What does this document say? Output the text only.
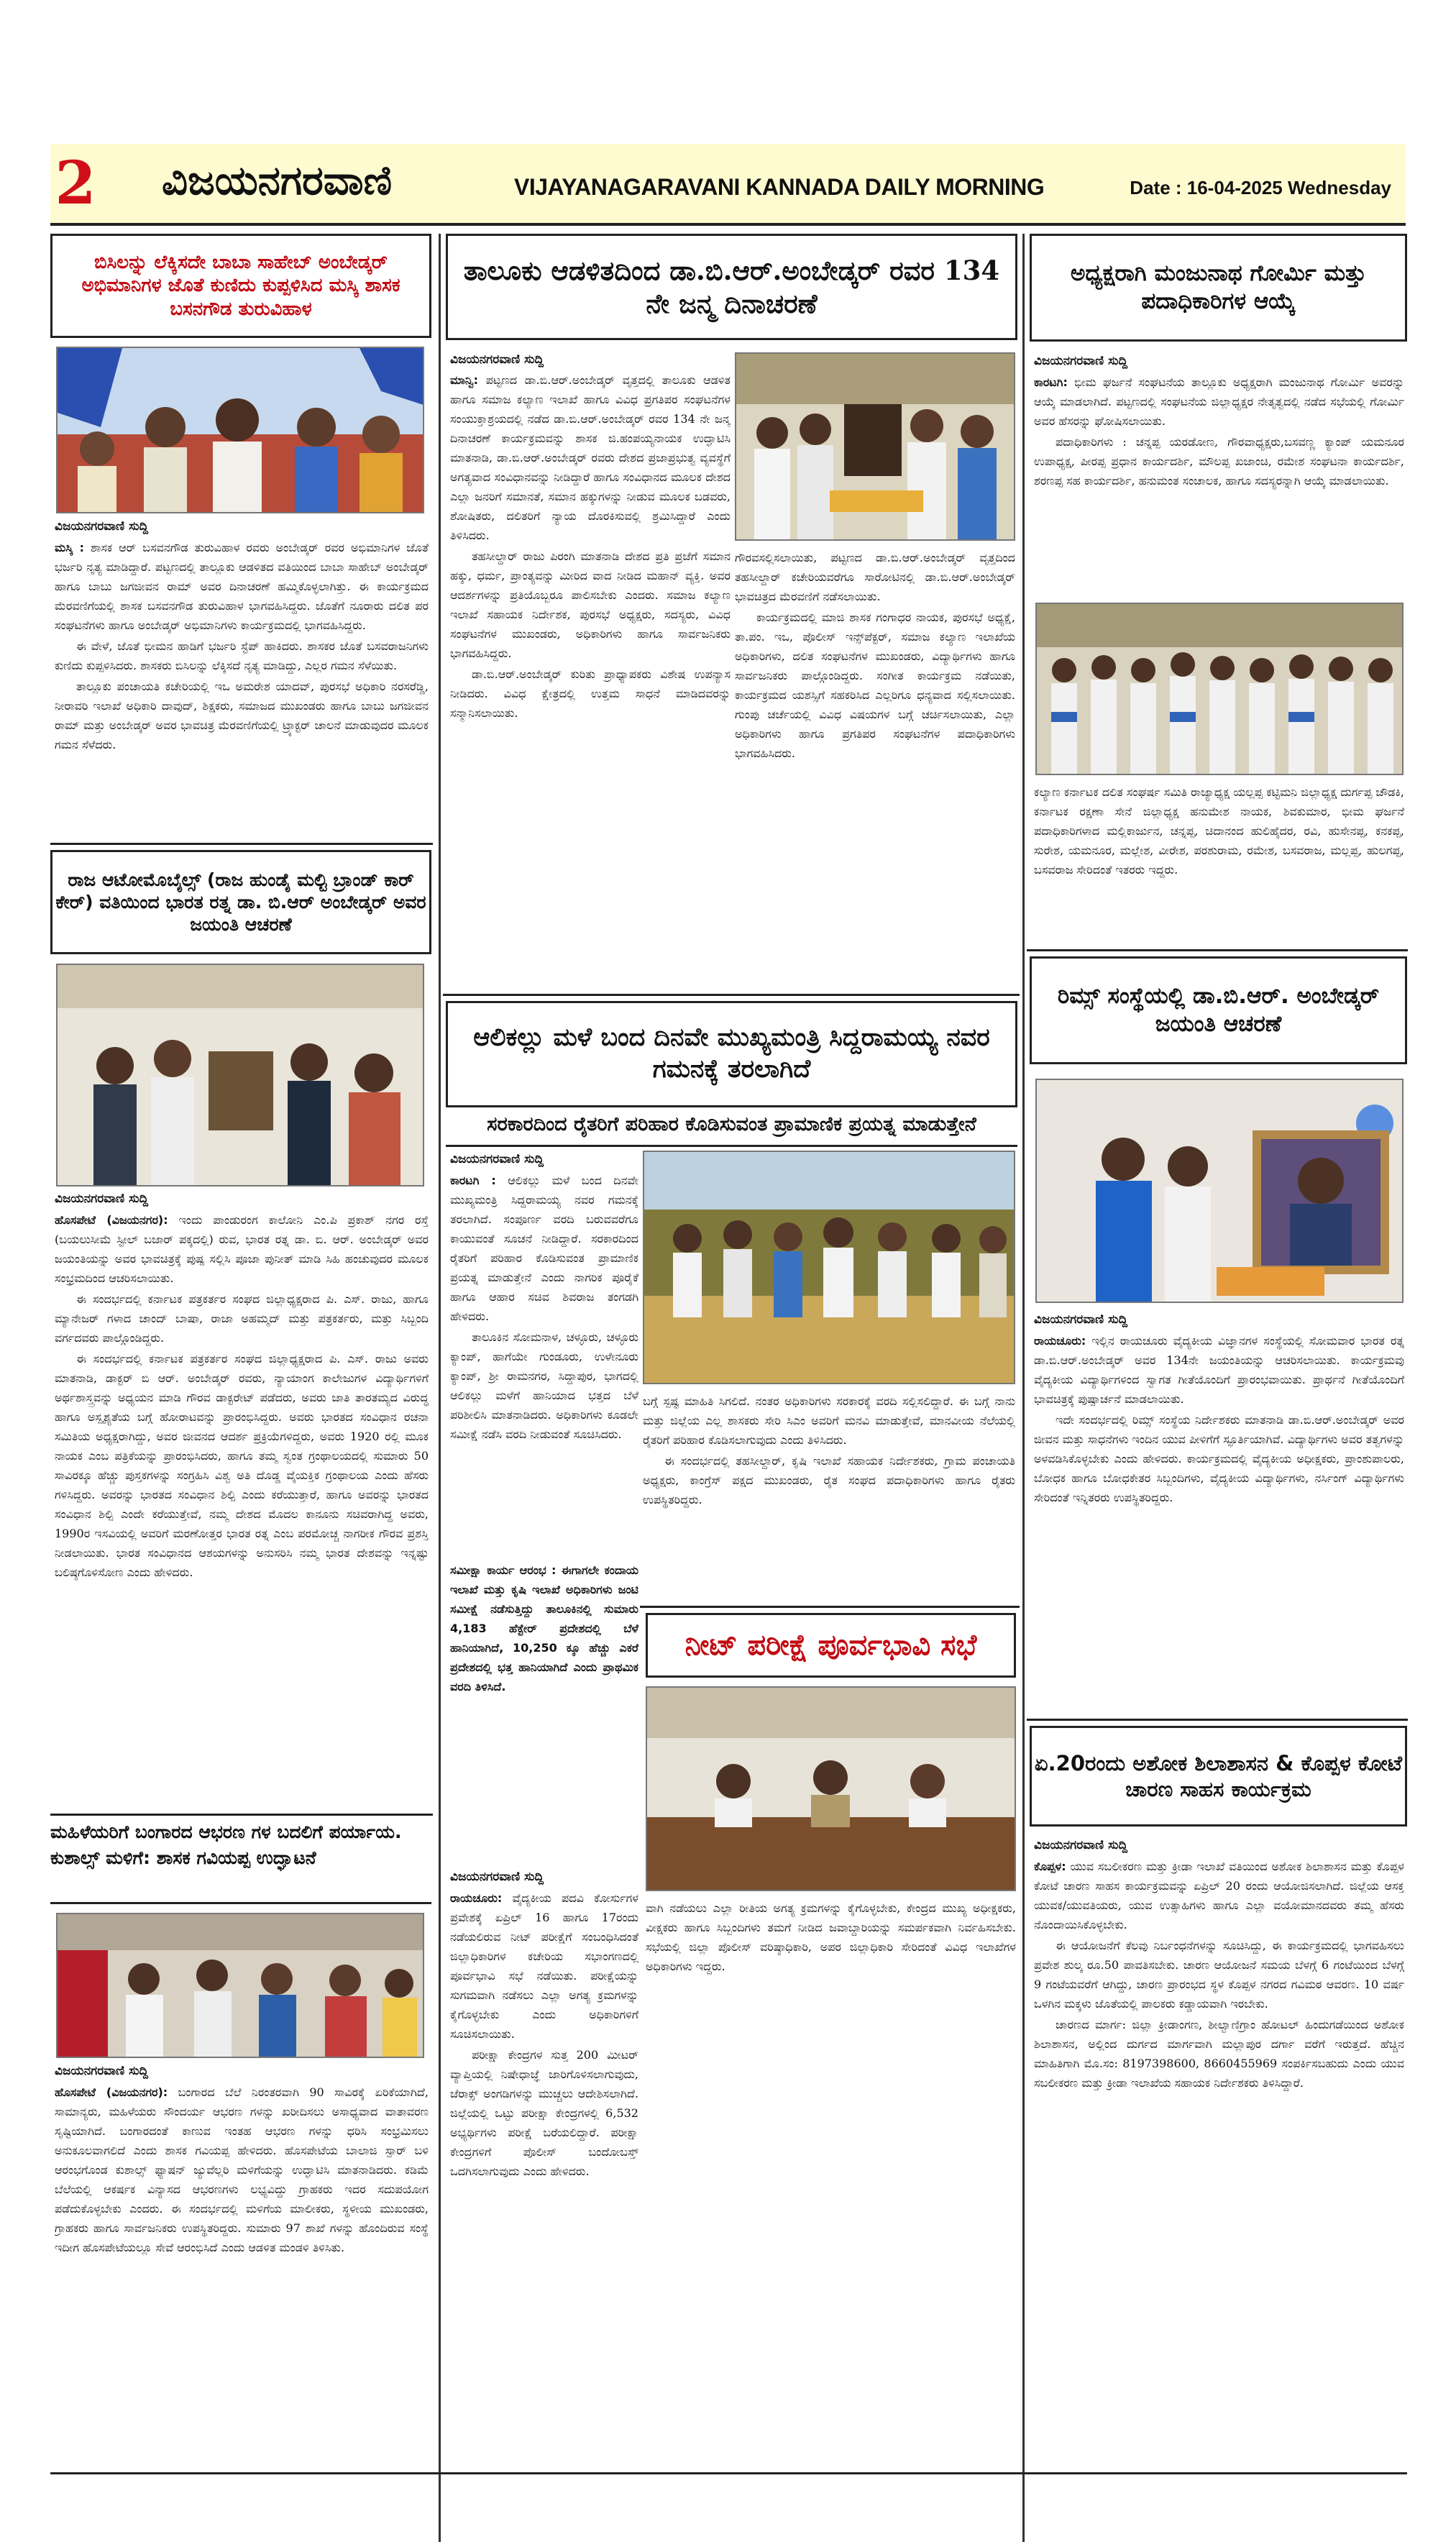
2 ವಿಜಯನಗರವಾಣಿ	VIJAYANAGARAVANI KANNADA DAILY MORNING	Date : 16-04-2025 Wednesday
ಬಿಸಿಲನ್ನು ಲೆಕ್ಕಿಸದೇ ಬಾಬಾ ಸಾಹೇಬ್ ಅಂಬೇಡ್ಕರ್ ಅಭಿಮಾನಿಗಳ ಜೊತೆ ಕುಣಿದು ಕುಪ್ಪಳಿಸಿದ ಮಸ್ಕಿ ಶಾಸಕ ಬಸನಗೌಡ ತುರುವಿಹಾಳ
ವಿಜಯನಗರವಾಣಿ ಸುದ್ದಿ

ಮಸ್ಕಿ : ಶಾಸಕ ಆರ್ ಬಸವನಗೌಡ ತುರುವಿಹಾಳ ರವರು ಅಂಬೇಡ್ಕರ್ ರವರ ಅಭಿಮಾನಿಗಳ ಜೊತೆ ಭರ್ಜರಿ ನೃತ್ಯ ಮಾಡಿದ್ದಾರೆ. ಪಟ್ಟಣದಲ್ಲಿ ತಾಲ್ಲೂಕು ಆಡಳಿತದ ವತಿಯಿಂದ ಬಾಬಾ ಸಾಹೇಬ್ ಅಂಬೇಡ್ಕರ್ ಹಾಗೂ ಬಾಬು ಜಗಜೀವನ ರಾಮ್ ಅವರ ದಿನಾಚರಣೆ ಹಮ್ಮಿಕೊಳ್ಳಲಾಗಿತ್ತು. ಈ ಕಾರ್ಯಕ್ರಮದ ಮೆರವಣಿಗೆಯಲ್ಲಿ ಶಾಸಕ ಬಸವನಗೌಡ ತುರುವಿಹಾಳ ಭಾಗವಹಿಸಿದ್ದರು. ಜೊತೆಗೆ ನೂರಾರು ದಲಿತ ಪರ ಸಂಘಟನೆಗಳು ಹಾಗೂ ಅಂಬೇಡ್ಕರ್ ಅಭಿಮಾನಿಗಳು ಕಾರ್ಯಕ್ರಮದಲ್ಲಿ ಭಾಗವಹಿಸಿದ್ದರು.

ಈ ವೇಳೆ, ಜೊತೆ ಭೀಮನ ಹಾಡಿಗೆ ಭರ್ಜರಿ ಸ್ಟೆಪ್ ಹಾಕಿದರು. ಶಾಸಕರ ಜೊತೆ ಬಸವರಾಜನಿಗಳು ಕುಣಿದು ಕುಪ್ಪಳಿಸಿದರು. ಶಾಸಕರು ಬಿಸಿಲನ್ನು ಲೆಕ್ಕಿಸದೆ ನೃತ್ಯ ಮಾಡಿದ್ದು, ಎಲ್ಲರ ಗಮನ ಸೆಳೆಯಿತು.

ತಾಲ್ಲೂಕು ಪಂಚಾಯತಿ ಕಚೇರಿಯಲ್ಲಿ ಇಒ ಅಮರೇಶ ಯಾದವ್, ಪುರಸಭೆ ಅಧಿಕಾರಿ ನರಸರೆಡ್ಡಿ, ನೀರಾವರಿ ಇಲಾಖೆ ಅಧಿಕಾರಿ ದಾವುದ್, ಶಿಕ್ಷಕರು, ಸಮಾಜದ ಮುಖಂಡರು ಹಾಗೂ ಬಾಬು ಜಗಜೀವನ ರಾಮ್ ಮತ್ತು ಅಂಬೇಡ್ಕರ್ ಅವರ ಭಾವಚಿತ್ರ ಮೆರವಣಿಗೆಯಲ್ಲಿ ಟ್ರ್ಯಾಕ್ಟರ್ ಚಾಲನೆ ಮಾಡುವುದರ ಮೂಲಕ ಗಮನ ಸೆಳೆದರು.

ರಾಜ ಆಟೋಮೊಬೈಲ್ಸ್ (ರಾಜ ಹುಂಡೈ ಮಲ್ಟಿ ಬ್ರಾಂಡ್ ಕಾರ್ ಕೇರ್) ವತಿಯಿಂದ ಭಾರತ ರತ್ನ ಡಾ. ಬಿ.ಆರ್ ಅಂಬೇಡ್ಕರ್ ಅವರ ಜಯಂತಿ ಆಚರಣೆ
ವಿಜಯನಗರವಾಣಿ ಸುದ್ದಿ

ಹೊಸಪೇಟೆ (ವಿಜಯನಗರ): ಇಂದು ಪಾಂಡುರಂಗ ಕಾಲೋನಿ ಎಂ.ಪಿ ಪ್ರಕಾಶ್ ನಗರ ರಸ್ತೆ (ಬಯಲುಸೀಮೆ ಸ್ಟೀಲ್ ಬಜಾರ್ ಪಕ್ಕದಲ್ಲಿ) ರುವ, ಭಾರತ ರತ್ನ ಡಾ. ಬಿ. ಆರ್. ಅಂಬೇಡ್ಕರ್ ಅವರ ಜಯಂತಿಯನ್ನು ಅವರ ಭಾವಚಿತ್ರಕ್ಕೆ ಪುಷ್ಪ ಸಲ್ಲಿಸಿ ಪೂಜಾ ಪುನೀತ್ ಮಾಡಿ ಸಿಹಿ ಹಂಚುವುದರ ಮೂಲಕ ಸಂಭ್ರಮದಿಂದ ಆಚರಿಸಲಾಯಿತು.

ಈ ಸಂದರ್ಭದಲ್ಲಿ ಕರ್ನಾಟಕ ಪತ್ರಕರ್ತರ ಸಂಘದ ಜಿಲ್ಲಾಧ್ಯಕ್ಷರಾದ ಪಿ. ಎಸ್. ರಾಜು, ಹಾಗೂ ಮ್ಯಾನೇಜರ್ ಗಳಾದ ಚಾಂದ್ ಬಾಷಾ, ರಾಜಾ ಅಹಮ್ಮದ್ ಮತ್ತು ಪತ್ರಕರ್ತರು, ಮತ್ತು ಸಿಬ್ಬಂದಿ ವರ್ಗದವರು ಪಾಲ್ಗೊಂಡಿದ್ದರು.

ಈ ಸಂದರ್ಭದಲ್ಲಿ ಕರ್ನಾಟಕ ಪತ್ರಕರ್ತರ ಸಂಘದ ಜಿಲ್ಲಾಧ್ಯಕ್ಷರಾದ ಪಿ. ಎಸ್. ರಾಜು ಅವರು ಮಾತನಾಡಿ, ಡಾಕ್ಟರ್ ಬಿ ಆರ್. ಅಂಬೇಡ್ಕರ್ ರವರು, ನ್ಯಾಯಾಂಗ ಕಾಲೇಜುಗಳ ವಿದ್ಯಾರ್ಥಿಗಳಿಗೆ ಅರ್ಥಶಾಸ್ತ್ರವನ್ನು ಅಧ್ಯಯನ ಮಾಡಿ ಗೌರವ ಡಾಕ್ಟರೇಟ್ ಪಡೆದರು, ಅವರು ಜಾತಿ ತಾರತಮ್ಯದ ವಿರುದ್ಧ ಹಾಗೂ ಅಸ್ಪೃಶ್ಯತೆಯ ಬಗ್ಗೆ ಹೋರಾಟವನ್ನು ಪ್ರಾರಂಭಿಸಿದ್ದರು. ಅವರು ಭಾರತದ ಸಂವಿಧಾನ ರಚನಾ ಸಮಿತಿಯ ಅಧ್ಯಕ್ಷರಾಗಿದ್ದು, ಅವರ ಜೀವನದ ಆದರ್ಶ ಪ್ರಕ್ರಿಯೆಗಳಿದ್ದರು, ಅವರು 1920 ರಲ್ಲಿ ಮೂಕ ನಾಯಕ ಎಂಬ ಪತ್ರಿಕೆಯನ್ನು ಪ್ರಾರಂಭಿಸಿದರು, ಹಾಗೂ ತಮ್ಮ ಸ್ವಂತ ಗ್ರಂಥಾಲಯದಲ್ಲಿ ಸುಮಾರು 50 ಸಾವಿರಕ್ಕೂ ಹೆಚ್ಚು ಪುಸ್ತಕಗಳನ್ನು ಸಂಗ್ರಹಿಸಿ ವಿಶ್ವ ಅತಿ ದೊಡ್ಡ ವೈಯಕ್ತಿಕ ಗ್ರಂಥಾಲಯ ಎಂದು ಹೆಸರು ಗಳಿಸಿದ್ದರು. ಅವರನ್ನು ಭಾರತದ ಸಂವಿಧಾನ ಶಿಲ್ಪಿ ಎಂದು ಕರೆಯುತ್ತಾರೆ, ಹಾಗೂ ಅವರನ್ನು ಭಾರತದ ಸಂವಿಧಾನ ಶಿಲ್ಪಿ ಎಂದೇ ಕರೆಯುತ್ತೇವೆ, ನಮ್ಮ ದೇಶದ ಮೊದಲ ಕಾನೂನು ಸಚಿವರಾಗಿದ್ದ ಅವರು, 1990ರ ಇಸವಿಯಲ್ಲಿ ಅವರಿಗೆ ಮರಣೋತ್ತರ ಭಾರತ ರತ್ನ ಎಂಬ ಪರಮೋಚ್ಚ ನಾಗರೀಕ ಗೌರವ ಪ್ರಶಸ್ತಿ ನೀಡಲಾಯಿತು. ಭಾರತ ಸಂವಿಧಾನದ ಆಶಯಗಳನ್ನು ಅನುಸರಿಸಿ ನಮ್ಮ ಭಾರತ ದೇಶವನ್ನು ಇನ್ನಷ್ಟು ಬಲಿಷ್ಠಗೊಳಿಸೋಣ ಎಂದು ಹೇಳಿದರು.

ಮಹಿಳೆಯರಿಗೆ ಬಂಗಾರದ ಆಭರಣ ಗಳ ಬದಲಿಗೆ ಪರ್ಯಾಯ. ಕುಶಾಲ್ಸ್ ಮಳಿಗೆ: ಶಾಸಕ ಗವಿಯಪ್ಪ ಉದ್ಘಾಟನೆ
ವಿಜಯನಗರವಾಣಿ ಸುದ್ದಿ

ಹೊಸಪೇಟೆ (ವಿಜಯನಗರ): ಬಂಗಾರದ ಬೆಲೆ ನಿರಂತರವಾಗಿ 90 ಸಾವಿರಕ್ಕೆ ಏರಿಕೆಯಾಗಿದೆ, ಸಾಮಾನ್ಯರು, ಮಹಿಳೆಯರು ಸೌಂದರ್ಯ ಆಭರಣ ಗಳನ್ನು ಖರೀದಿಸಲು ಅಸಾಧ್ಯವಾದ ವಾತಾವರಣ ಸೃಷ್ಟಿಯಾಗಿದೆ. ಬಂಗಾರದಂತೆ ಕಾಣುವ ಇಂತಹ ಆಭರಣ ಗಳನ್ನು ಧರಿಸಿ ಸಂಭ್ರಮಿಸಲು ಅನುಕೂಲವಾಗಲಿದೆ ಎಂದು ಶಾಸಕ ಗವಿಯಪ್ಪ ಹೇಳಿದರು. ಹೊಸಪೇಟೆಯ ಬಾಲಾಜಿ ಸ್ಪಾರ್ ಬಳಿ ಆರಂಭಗೊಂಡ ಕುಶಾಲ್ಸ್ ಫ್ಯಾಷನ್ ಜ್ಯುವೆಲ್ಲರಿ ಮಳಿಗೆಯನ್ನು ಉದ್ಘಾಟಿಸಿ ಮಾತನಾಡಿದರು. ಕಡಿಮೆ ಬೆಲೆಯಲ್ಲಿ ಆಕರ್ಷಕ ವಿನ್ಯಾಸದ ಆಭರಣಗಳು ಲಭ್ಯವಿದ್ದು ಗ್ರಾಹಕರು ಇದರ ಸದುಪಯೋಗ ಪಡೆದುಕೊಳ್ಳಬೇಕು ಎಂದರು. ಈ ಸಂದರ್ಭದಲ್ಲಿ ಮಳಿಗೆಯ ಮಾಲೀಕರು, ಸ್ಥಳೀಯ ಮುಖಂಡರು, ಗ್ರಾಹಕರು ಹಾಗೂ ಸಾರ್ವಜನಿಕರು ಉಪಸ್ಥಿತರಿದ್ದರು. ಸುಮಾರು 97 ಶಾಖೆ ಗಳನ್ನು ಹೊಂದಿರುವ ಸಂಸ್ಥೆ ಇದೀಗ ಹೊಸಪೇಟೆಯಲ್ಲೂ ಸೇವೆ ಆರಂಭಿಸಿದೆ ಎಂದು ಆಡಳಿತ ಮಂಡಳಿ ತಿಳಿಸಿತು.

ತಾಲೂಕು ಆಡಳಿತದಿಂದ ಡಾ.ಬಿ.ಆರ್.ಅಂಬೇಡ್ಕರ್ ರವರ 134 ನೇ ಜನ್ಮ ದಿನಾಚರಣೆ
ವಿಜಯನಗರವಾಣಿ ಸುದ್ದಿ

ಮಾನ್ವಿ: ಪಟ್ಟಣದ ಡಾ.ಬಿ.ಆರ್.ಅಂಬೇಡ್ಕರ್ ವೃತ್ತದಲ್ಲಿ ತಾಲೂಕು ಆಡಳಿತ ಹಾಗೂ ಸಮಾಜ ಕಲ್ಯಾಣ ಇಲಾಖೆ ಹಾಗೂ ವಿವಿಧ ಪ್ರಗತಿಪರ ಸಂಘಟನೆಗಳ ಸಂಯುಕ್ತಾಶ್ರಯದಲ್ಲಿ ನಡೆದ ಡಾ.ಬಿ.ಆರ್.ಅಂಬೇಡ್ಕರ್ ರವರ 134 ನೇ ಜನ್ಮ ದಿನಾಚರಣೆ ಕಾರ್ಯಕ್ರಮವನ್ನು ಶಾಸಕ ಜಿ.ಹಂಪಯ್ಯನಾಯಕ ಉದ್ಘಾಟಿಸಿ ಮಾತನಾಡಿ, ಡಾ.ಬಿ.ಆರ್.ಅಂಬೇಡ್ಕರ್ ರವರು ದೇಶದ ಪ್ರಜಾಪ್ರಭುತ್ವ ವ್ಯವಸ್ಥೆಗೆ ಅಗತ್ಯವಾದ ಸಂವಿಧಾನವನ್ನು ನೀಡಿದ್ದಾರೆ ಹಾಗೂ ಸಂವಿಧಾನದ ಮೂಲಕ ದೇಶದ ಎಲ್ಲಾ ಜನರಿಗೆ ಸಮಾನತೆ, ಸಮಾನ ಹಕ್ಕುಗಳನ್ನು ನೀಡುವ ಮೂಲಕ ಬಡವರು, ಶೋಷಿತರು, ದಲಿತರಿಗೆ ನ್ಯಾಯ ದೊರಕಿಸುವಲ್ಲಿ ಶ್ರಮಿಸಿದ್ದಾರೆ ಎಂದು ತಿಳಿಸಿದರು.

ತಹಸೀಲ್ದಾರ್ ರಾಜು ಪಿರಂಗಿ ಮಾತನಾಡಿ ದೇಶದ ಪ್ರತಿ ಪ್ರಜೆಗೆ ಸಮಾನ ಹಕ್ಕು, ಧರ್ಮ, ಪ್ರಾಂತ್ಯವನ್ನು ಮೀರಿದ ವಾದ ನೀಡಿದ ಮಹಾನ್ ವ್ಯಕ್ತಿ. ಅವರ ಆದರ್ಶಗಳನ್ನು ಪ್ರತಿಯೊಬ್ಬರೂ ಪಾಲಿಸಬೇಕು ಎಂದರು. ಸಮಾಜ ಕಲ್ಯಾಣ ಇಲಾಖೆ ಸಹಾಯಕ ನಿರ್ದೇಶಕ, ಪುರಸಭೆ ಅಧ್ಯಕ್ಷರು, ಸದಸ್ಯರು, ವಿವಿಧ ಸಂಘಟನೆಗಳ ಮುಖಂಡರು, ಅಧಿಕಾರಿಗಳು ಹಾಗೂ ಸಾರ್ವಜನಿಕರು ಭಾಗವಹಿಸಿದ್ದರು.

ಡಾ.ಬಿ.ಆರ್.ಅಂಬೇಡ್ಕರ್ ಕುರಿತು ಪ್ರಾಧ್ಯಾಪಕರು ವಿಶೇಷ ಉಪನ್ಯಾಸ ನೀಡಿದರು. ವಿವಿಧ ಕ್ಷೇತ್ರದಲ್ಲಿ ಉತ್ತಮ ಸಾಧನೆ ಮಾಡಿದವರನ್ನು ಸನ್ಮಾನಿಸಲಾಯಿತು.

ಗೌರವಸಲ್ಲಿಸಲಾಯಿತು, ಪಟ್ಟಣದ ಡಾ.ಬಿ.ಆರ್.ಅಂಬೇಡ್ಕರ್ ವೃತ್ತದಿಂದ ತಹಸೀಲ್ದಾರ್ ಕಚೇರಿಯವರೆಗೂ ಸಾರೋಟಿನಲ್ಲಿ ಡಾ.ಬಿ.ಆರ್.ಅಂಬೇಡ್ಕರ್ ಭಾವಚಿತ್ರದ ಮೆರವಣಿಗೆ ನಡೆಸಲಾಯಿತು.

ಕಾರ್ಯಕ್ರಮದಲ್ಲಿ ಮಾಜಿ ಶಾಸಕ ಗಂಗಾಧರ ನಾಯಕ, ಪುರಸಭೆ ಅಧ್ಯಕ್ಷೆ, ತಾ.ಪಂ. ಇಒ, ಪೊಲೀಸ್ ಇನ್ಸ್‌ಪೆಕ್ಟರ್, ಸಮಾಜ ಕಲ್ಯಾಣ ಇಲಾಖೆಯ ಅಧಿಕಾರಿಗಳು, ದಲಿತ ಸಂಘಟನೆಗಳ ಮುಖಂಡರು, ವಿದ್ಯಾರ್ಥಿಗಳು ಹಾಗೂ ಸಾರ್ವಜನಿಕರು ಪಾಲ್ಗೊಂಡಿದ್ದರು. ಸಂಗೀತ ಕಾರ್ಯಕ್ರಮ ನಡೆಯಿತು, ಕಾರ್ಯಕ್ರಮದ ಯಶಸ್ಸಿಗೆ ಸಹಕರಿಸಿದ ಎಲ್ಲರಿಗೂ ಧನ್ಯವಾದ ಸಲ್ಲಿಸಲಾಯಿತು. ಗುಂಪು ಚರ್ಚೆಯಲ್ಲಿ ವಿವಿಧ ವಿಷಯಗಳ ಬಗ್ಗೆ ಚರ್ಚಿಸಲಾಯಿತು, ಎಲ್ಲಾ ಅಧಿಕಾರಿಗಳು ಹಾಗೂ ಪ್ರಗತಿಪರ ಸಂಘಟನೆಗಳ ಪದಾಧಿಕಾರಿಗಳು ಭಾಗವಹಿಸಿದರು.

ಆಲಿಕಲ್ಲು ಮಳೆ ಬಂದ ದಿನವೇ ಮುಖ್ಯಮಂತ್ರಿ ಸಿದ್ದರಾಮಯ್ಯ ನವರ ಗಮನಕ್ಕೆ ತರಲಾಗಿದೆ
ಸರಕಾರದಿಂದ ರೈತರಿಗೆ ಪರಿಹಾರ ಕೊಡಿಸುವಂತ ಪ್ರಾಮಾಣಿಕ ಪ್ರಯತ್ನ ಮಾಡುತ್ತೇನೆ
ವಿಜಯನಗರವಾಣಿ ಸುದ್ದಿ

ಕಾರಟಗಿ : ಆಲಿಕಲ್ಲು ಮಳೆ ಬಂದ ದಿನವೇ ಮುಖ್ಯಮಂತ್ರಿ ಸಿದ್ದರಾಮಯ್ಯ ನವರ ಗಮನಕ್ಕೆ ತರಲಾಗಿದೆ. ಸಂಪೂರ್ಣ ವರದಿ ಬರುವವರೆಗೂ ಕಾಯುವಂತೆ ಸೂಚನೆ ನೀಡಿದ್ದಾರೆ. ಸರಕಾರದಿಂದ ರೈತರಿಗೆ ಪರಿಹಾರ ಕೊಡಿಸುವಂತ ಪ್ರಾಮಾಣಿಕ ಪ್ರಯತ್ನ ಮಾಡುತ್ತೇನೆ ಎಂದು ನಾಗರಿಕ ಪೂರೈಕೆ ಹಾಗೂ ಆಹಾರ ಸಚಿವ ಶಿವರಾಜ ತಂಗಡಗಿ ಹೇಳಿದರು.

ತಾಲೂಕಿನ ಸೋಮನಾಳ, ಚಳ್ಳೂರು, ಚಳ್ಳೂರು ಕ್ಯಾಂಪ್, ಹಾಗೆಯೇ ಗುಂಡೂರು, ಉಳೇನೂರು ಕ್ಯಾಂಪ್, ಶ್ರೀ ರಾಮನಗರ, ಸಿದ್ದಾಪುರ, ಭಾಗದಲ್ಲಿ ಆಲಿಕಲ್ಲು ಮಳೆಗೆ ಹಾನಿಯಾದ ಭತ್ತದ ಬೆಳೆ ಪರಿಶೀಲಿಸಿ ಮಾತನಾಡಿದರು. ಅಧಿಕಾರಿಗಳು ಕೂಡಲೇ ಸಮೀಕ್ಷೆ ನಡೆಸಿ ವರದಿ ನೀಡುವಂತೆ ಸೂಚಿಸಿದರು.

ಬಗ್ಗೆ ಸ್ಪಷ್ಟ ಮಾಹಿತಿ ಸಿಗಲಿದೆ. ನಂತರ ಅಧಿಕಾರಿಗಳು ಸರಕಾರಕ್ಕೆ ವರದಿ ಸಲ್ಲಿಸಲಿದ್ದಾರೆ. ಈ ಬಗ್ಗೆ ನಾನು ಮತ್ತು ಜಿಲ್ಲೆಯ ಎಲ್ಲ ಶಾಸಕರು ಸೇರಿ ಸಿಎಂ ಅವರಿಗೆ ಮನವಿ ಮಾಡುತ್ತೇವೆ, ಮಾನವೀಯ ನೆಲೆಯಲ್ಲಿ ರೈತರಿಗೆ ಪರಿಹಾರ ಕೊಡಿಸಲಾಗುವುದು ಎಂದು ತಿಳಿಸಿದರು.

ಈ ಸಂದರ್ಭದಲ್ಲಿ ತಹಸೀಲ್ದಾರ್, ಕೃಷಿ ಇಲಾಖೆ ಸಹಾಯಕ ನಿರ್ದೇಶಕರು, ಗ್ರಾಮ ಪಂಚಾಯತಿ ಅಧ್ಯಕ್ಷರು, ಕಾಂಗ್ರೆಸ್ ಪಕ್ಷದ ಮುಖಂಡರು, ರೈತ ಸಂಘದ ಪದಾಧಿಕಾರಿಗಳು ಹಾಗೂ ರೈತರು ಉಪಸ್ಥಿತರಿದ್ದರು.

ಸಮೀಕ್ಷಾ ಕಾರ್ಯ ಆರಂಭ : ಈಗಾಗಲೇ ಕಂದಾಯ ಇಲಾಖೆ ಮತ್ತು ಕೃಷಿ ಇಲಾಖೆ ಅಧಿಕಾರಿಗಳು ಜಂಟಿ ಸಮೀಕ್ಷೆ ನಡೆಸುತ್ತಿದ್ದು ತಾಲೂಕಿನಲ್ಲಿ ಸುಮಾರು 4,183 ಹೆಕ್ಟೇರ್ ಪ್ರದೇಶದಲ್ಲಿ ಬೆಳೆ ಹಾನಿಯಾಗಿದೆ, 10,250 ಕ್ಕೂ ಹೆಚ್ಚು ಎಕರೆ ಪ್ರದೇಶದಲ್ಲಿ ಭತ್ತ ಹಾನಿಯಾಗಿದೆ ಎಂದು ಪ್ರಾಥಮಿಕ ವರದಿ ತಿಳಿಸಿದೆ.

ನೀಟ್ ಪರೀಕ್ಷೆ ಪೂರ್ವಭಾವಿ ಸಭೆ
ವಿಜಯನಗರವಾಣಿ ಸುದ್ದಿ

ರಾಯಚೂರು: ವೈದ್ಯಕೀಯ ಪದವಿ ಕೋರ್ಸುಗಳ ಪ್ರವೇಶಕ್ಕೆ ಏಪ್ರಿಲ್ 16 ಹಾಗೂ 17ರಂದು ನಡೆಯಲಿರುವ ನೀಟ್ ಪರೀಕ್ಷೆಗೆ ಸಂಬಂಧಿಸಿದಂತೆ ಜಿಲ್ಲಾಧಿಕಾರಿಗಳ ಕಚೇರಿಯ ಸಭಾಂಗಣದಲ್ಲಿ ಪೂರ್ವಭಾವಿ ಸಭೆ ನಡೆಯಿತು. ಪರೀಕ್ಷೆಯನ್ನು ಸುಗಮವಾಗಿ ನಡೆಸಲು ಎಲ್ಲಾ ಅಗತ್ಯ ಕ್ರಮಗಳನ್ನು ಕೈಗೊಳ್ಳಬೇಕು ಎಂದು ಅಧಿಕಾರಿಗಳಿಗೆ ಸೂಚಿಸಲಾಯಿತು.

ಪರೀಕ್ಷಾ ಕೇಂದ್ರಗಳ ಸುತ್ತ 200 ಮೀಟರ್ ವ್ಯಾಪ್ತಿಯಲ್ಲಿ ನಿಷೇಧಾಜ್ಞೆ ಜಾರಿಗೊಳಿಸಲಾಗುವುದು, ಜೆರಾಕ್ಸ್ ಅಂಗಡಿಗಳನ್ನು ಮುಚ್ಚಲು ಆದೇಶಿಸಲಾಗಿದೆ. ಜಿಲ್ಲೆಯಲ್ಲಿ ಒಟ್ಟು ಪರೀಕ್ಷಾ ಕೇಂದ್ರಗಳಲ್ಲಿ 6,532 ಅಭ್ಯರ್ಥಿಗಳು ಪರೀಕ್ಷೆ ಬರೆಯಲಿದ್ದಾರೆ. ಪರೀಕ್ಷಾ ಕೇಂದ್ರಗಳಿಗೆ ಪೊಲೀಸ್ ಬಂದೋಬಸ್ತ್ ಒದಗಿಸಲಾಗುವುದು ಎಂದು ಹೇಳಿದರು.

ವಾಗಿ ನಡೆಯಲು ಎಲ್ಲಾ ರೀತಿಯ ಅಗತ್ಯ ಕ್ರಮಗಳನ್ನು ಕೈಗೊಳ್ಳಬೇಕು, ಕೇಂದ್ರದ ಮುಖ್ಯ ಅಧೀಕ್ಷಕರು, ವೀಕ್ಷಕರು ಹಾಗೂ ಸಿಬ್ಬಂದಿಗಳು ತಮಗೆ ನೀಡಿದ ಜವಾಬ್ದಾರಿಯನ್ನು ಸಮರ್ಪಕವಾಗಿ ನಿರ್ವಹಿಸಬೇಕು. ಸಭೆಯಲ್ಲಿ ಜಿಲ್ಲಾ ಪೊಲೀಸ್ ವರಿಷ್ಠಾಧಿಕಾರಿ, ಅಪರ ಜಿಲ್ಲಾಧಿಕಾರಿ ಸೇರಿದಂತೆ ವಿವಿಧ ಇಲಾಖೆಗಳ ಅಧಿಕಾರಿಗಳು ಇದ್ದರು.

ಅಧ್ಯಕ್ಷರಾಗಿ ಮಂಜುನಾಥ ಗೋರ್ಮಿ ಮತ್ತು ಪದಾಧಿಕಾರಿಗಳ ಆಯ್ಕೆ
ವಿಜಯನಗರವಾಣಿ ಸುದ್ದಿ

ಕಾರಟಗಿ: ಭೀಮ ಘರ್ಜನೆ ಸಂಘಟನೆಯ ತಾಲ್ಲೂಕು ಅಧ್ಯಕ್ಷರಾಗಿ ಮಂಜುನಾಥ ಗೋರ್ಮಿ ಅವರನ್ನು ಆಯ್ಕೆ ಮಾಡಲಾಗಿದೆ. ಪಟ್ಟಣದಲ್ಲಿ ಸಂಘಟನೆಯ ಜಿಲ್ಲಾಧ್ಯಕ್ಷರ ನೇತೃತ್ವದಲ್ಲಿ ನಡೆದ ಸಭೆಯಲ್ಲಿ ಗೋರ್ಮಿ ಅವರ ಹೆಸರನ್ನು ಘೋಷಿಸಲಾಯಿತು.

ಪದಾಧಿಕಾರಿಗಳು : ಚನ್ನಪ್ಪ ಯರಡೋಣ, ಗೌರವಾಧ್ಯಕ್ಷರು,ಬಸವಣ್ಣ ಕ್ಯಾಂಪ್ ಯಮನೂರ ಉಪಾಧ್ಯಕ್ಷ, ಪೀರಪ್ಪ ಪ್ರಧಾನ ಕಾರ್ಯದರ್ಶಿ, ಮೌಲಪ್ಪ ಖಜಾಂಚಿ, ರಮೇಶ ಸಂಘಟನಾ ಕಾರ್ಯದರ್ಶಿ, ಶರಣಪ್ಪ ಸಹ ಕಾರ್ಯದರ್ಶಿ, ಹನುಮಂತ ಸಂಚಾಲಕ, ಹಾಗೂ ಸದಸ್ಯರನ್ನಾಗಿ ಆಯ್ಕೆ ಮಾಡಲಾಯಿತು.

ಕಲ್ಯಾಣ ಕರ್ನಾಟಕ ದಲಿತ ಸಂಘರ್ಷ ಸಮಿತಿ ರಾಜ್ಯಾಧ್ಯಕ್ಷ ಯಲ್ಲಪ್ಪ ಕಟ್ಟಿಮನಿ ಜಿಲ್ಲಾಧ್ಯಕ್ಷ ದುರ್ಗಪ್ಪ ಚೌಡಕಿ, ಕರ್ನಾಟಕ ರಕ್ಷಣಾ ಸೇನೆ ಜಿಲ್ಲಾಧ್ಯಕ್ಷ ಹನುಮೇಶ ನಾಯಕ, ಶಿವಕುಮಾರ, ಭೀಮ ಘರ್ಜನೆ ಪದಾಧಿಕಾರಿಗಳಾದ ಮಲ್ಲಿಕಾರ್ಜುನ, ಚನ್ನಪ್ಪ, ಚಿದಾನಂದ ಹುಲಿಹೈದರ, ರವಿ, ಹುಸೇನಪ್ಪ, ಕನಕಪ್ಪ, ಸುರೇಶ, ಯಮನೂರ, ಮಲ್ಲೇಶ, ವೀರೇಶ, ಪರಶುರಾಮ, ರಮೇಶ, ಬಸವರಾಜ, ಮಲ್ಲಪ್ಪ, ಹುಲಗಪ್ಪ, ಬಸವರಾಜ ಸೇರಿದಂತೆ ಇತರರು ಇದ್ದರು.

ರಿಮ್ಸ್ ಸಂಸ್ಥೆಯಲ್ಲಿ ಡಾ.ಬಿ.ಆರ್. ಅಂಬೇಡ್ಕರ್ ಜಯಂತಿ ಆಚರಣೆ
ವಿಜಯನಗರವಾಣಿ ಸುದ್ದಿ

ರಾಯಚೂರು: ಇಲ್ಲಿನ ರಾಯಚೂರು ವೈದ್ಯಕೀಯ ವಿಜ್ಞಾನಗಳ ಸಂಸ್ಥೆಯಲ್ಲಿ ಸೋಮವಾರ ಭಾರತ ರತ್ನ ಡಾ.ಬಿ.ಆರ್.ಅಂಬೇಡ್ಕರ್ ಅವರ 134ನೇ ಜಯಂತಿಯನ್ನು ಆಚರಿಸಲಾಯಿತು. ಕಾರ್ಯಕ್ರಮವು ವೈದ್ಯಕೀಯ ವಿದ್ಯಾರ್ಥಿಗಳಿಂದ ಸ್ವಾಗತ ಗೀತೆಯೊಂದಿಗೆ ಪ್ರಾರಂಭವಾಯಿತು. ಪ್ರಾರ್ಥನೆ ಗೀತೆಯೊಂದಿಗೆ ಭಾವಚಿತ್ರಕ್ಕೆ ಪುಷ್ಪಾರ್ಚನೆ ಮಾಡಲಾಯಿತು.

ಇದೇ ಸಂದರ್ಭದಲ್ಲಿ ರಿಮ್ಸ್ ಸಂಸ್ಥೆಯ ನಿರ್ದೇಶಕರು ಮಾತನಾಡಿ ಡಾ.ಬಿ.ಆರ್.ಅಂಬೇಡ್ಕರ್ ಅವರ ಜೀವನ ಮತ್ತು ಸಾಧನೆಗಳು ಇಂದಿನ ಯುವ ಪೀಳಿಗೆಗೆ ಸ್ಫೂರ್ತಿಯಾಗಿವೆ. ವಿದ್ಯಾರ್ಥಿಗಳು ಅವರ ತತ್ವಗಳನ್ನು ಅಳವಡಿಸಿಕೊಳ್ಳಬೇಕು ಎಂದು ಹೇಳಿದರು. ಕಾರ್ಯಕ್ರಮದಲ್ಲಿ ವೈದ್ಯಕೀಯ ಅಧೀಕ್ಷಕರು, ಪ್ರಾಂಶುಪಾಲರು, ಬೋಧಕ ಹಾಗೂ ಬೋಧಕೇತರ ಸಿಬ್ಬಂದಿಗಳು, ವೈದ್ಯಕೀಯ ವಿದ್ಯಾರ್ಥಿಗಳು, ನರ್ಸಿಂಗ್ ವಿದ್ಯಾರ್ಥಿಗಳು ಸೇರಿದಂತೆ ಇನ್ನಿತರರು ಉಪಸ್ಥಿತರಿದ್ದರು.

ಏ.20ರಂದು ಅಶೋಕ ಶಿಲಾಶಾಸನ & ಕೊಪ್ಪಳ ಕೋಟೆ ಚಾರಣ ಸಾಹಸ ಕಾರ್ಯಕ್ರಮ
ವಿಜಯನಗರವಾಣಿ ಸುದ್ದಿ

ಕೊಪ್ಪಳ: ಯುವ ಸಬಲೀಕರಣ ಮತ್ತು ಕ್ರೀಡಾ ಇಲಾಖೆ ವತಿಯಿಂದ ಅಶೋಕ ಶಿಲಾಶಾಸನ ಮತ್ತು ಕೊಪ್ಪಳ ಕೋಟೆ ಚಾರಣ ಸಾಹಸ ಕಾರ್ಯಕ್ರಮವನ್ನು ಏಪ್ರಿಲ್ 20 ರಂದು ಆಯೋಜಿಸಲಾಗಿದೆ. ಜಿಲ್ಲೆಯ ಆಸಕ್ತ ಯುವಕ/ಯುವತಿಯರು, ಯುವ ಉತ್ಸಾಹಿಗಳು ಹಾಗೂ ಎಲ್ಲಾ ವಯೋಮಾನದವರು ತಮ್ಮ ಹೆಸರು ನೊಂದಾಯಿಸಿಕೊಳ್ಳಬೇಕು.

ಈ ಆಯೋಜನೆಗೆ ಕೆಲವು ನಿರ್ಬಂಧನೆಗಳನ್ನು ಸೂಚಿಸಿದ್ದು, ಈ ಕಾರ್ಯಕ್ರಮದಲ್ಲಿ ಭಾಗವಹಿಸಲು ಪ್ರವೇಶ ಶುಲ್ಕ ರೂ.50 ಪಾವತಿಸಬೇಕು. ಚಾರಣ ಆಯೋಜನೆ ಸಮಯ ಬೆಳಗ್ಗೆ 6 ಗಂಟೆಯಿಂದ ಬೆಳಗ್ಗೆ 9 ಗಂಟೆಯವರೆಗೆ ಆಗಿದ್ದು, ಚಾರಣ ಪ್ರಾರಂಭದ ಸ್ಥಳ ಕೊಪ್ಪಳ ನಗರದ ಗವಿಮಠ ಆವರಣ. 10 ವರ್ಷ ಒಳಗಿನ ಮಕ್ಕಳು ಜೊತೆಯಲ್ಲಿ ಪಾಲಕರು ಕಡ್ಡಾಯವಾಗಿ ಇರಬೇಕು.

ಚಾರಣದ ಮಾರ್ಗ: ಜಿಲ್ಲಾ ಕ್ರೀಡಾಂಗಣ, ಶೀಲ್ವಾಣಿಗ್ರಾಂ ಹೋಟಲ್ ಹಿಂದುಗಡೆಯಿಂದ ಅಶೋಕ ಶಿಲಾಶಾಸನ, ಅಲ್ಲಿಂದ ದುರ್ಗದ ಮಾರ್ಗವಾಗಿ ಮಲ್ಲಾಪುರ ದರ್ಗಾ ವರೆಗೆ ಇರುತ್ತದೆ. ಹೆಚ್ಚಿನ ಮಾಹಿತಿಗಾಗಿ ಮೊ.ಸಂ: 8197398600, 8660455969 ಸಂಪರ್ಕಿಸಬಹುದು ಎಂದು ಯುವ ಸಬಲೀಕರಣ ಮತ್ತು ಕ್ರೀಡಾ ಇಲಾಖೆಯ ಸಹಾಯಕ ನಿರ್ದೇಶಕರು ತಿಳಿಸಿದ್ದಾರೆ.
